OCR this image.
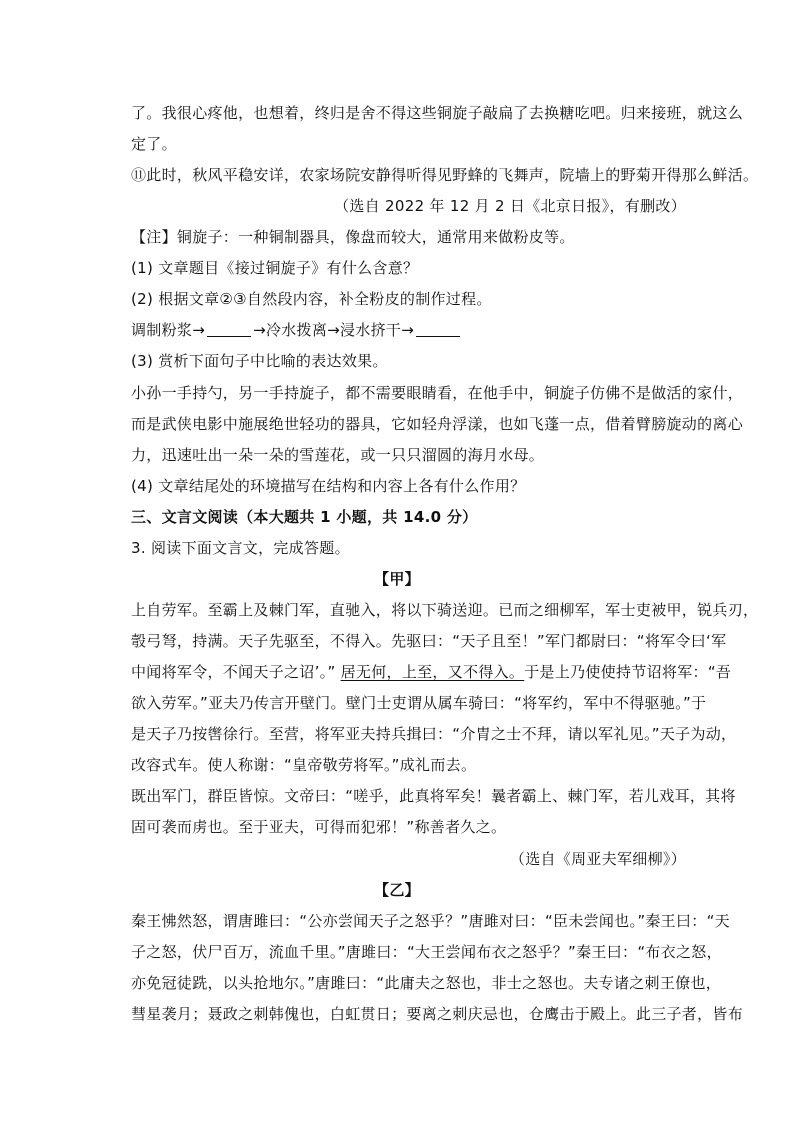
了。我很心疼他，也想着，终归是舍不得这些铜旋子敲扁了去换糖吃吧。归来接班，就这么
定了。
⑪此时，秋风平稳安详，农家场院安静得听得见野蜂的飞舞声，院墙上的野菊开得那么鲜活。
（选自 2022 年 12 月 2 日《北京日报》，有删改）
【注】铜旋子：一种铜制器具，像盘而较大，通常用来做粉皮等。
(1) 文章题目《接过铜旋子》有什么含意？
(2) 根据文章②③自然段内容，补全粉皮的制作过程。
调制粉浆→	→冷水拨离→浸水挤干→
(3) 赏析下面句子中比喻的表达效果。
小孙一手持勺，另一手持旋子，都不需要眼睛看，在他手中，铜旋子仿佛不是做活的家什，
而是武侠电影中施展绝世轻功的器具，它如轻舟浮漾，也如飞蓬一点，借着臂膀旋动的离心
力，迅速吐出一朵一朵的雪莲花，或一只只溜圆的海月水母。
(4) 文章结尾处的环境描写在结构和内容上各有什么作用？
三、文言文阅读（本大题共 1 小题，共 14.0 分）
3. 阅读下面文言文，完成答题。
【甲】
上自劳军。至霸上及棘门军，直驰入，将以下骑送迎。已而之细柳军，军士吏被甲，锐兵刃，
彀弓弩，持满。天子先驱至，不得入。先驱曰：“天子且至！”军门都尉曰：“将军令曰‘军
中闻将军令，不闻天子之诏’。” 居无何，上至，又不得入。于是上乃使使持节诏将军：“吾
欲入劳军。”亚夫乃传言开壁门。壁门士吏谓从属车骑曰：“将军约，军中不得驱驰。”于
是天子乃按辔徐行。至营，将军亚夫持兵揖曰：“介胄之士不拜，请以军礼见。”天子为动，
改容式车。使人称谢：“皇帝敬劳将军。”成礼而去。
既出军门，群臣皆惊。文帝曰：“嗟乎，此真将军矣！曩者霸上、棘门军，若儿戏耳，其将
固可袭而虏也。至于亚夫，可得而犯邪！”称善者久之。
（选自《周亚夫军细柳》）
【乙】
秦王怫然怒，谓唐雎曰：“公亦尝闻天子之怒乎？”唐雎对曰：“臣未尝闻也。”秦王曰：“天
子之怒，伏尸百万，流血千里。”唐雎曰：“大王尝闻布衣之怒乎？”秦王曰：“布衣之怒，
亦免冠徒跣，以头抢地尔。”唐雎曰：“此庸夫之怒也，非士之怒也。夫专诸之刺王僚也，
彗星袭月；聂政之刺韩傀也，白虹贯日；要离之刺庆忌也，仓鹰击于殿上。此三子者，皆布
